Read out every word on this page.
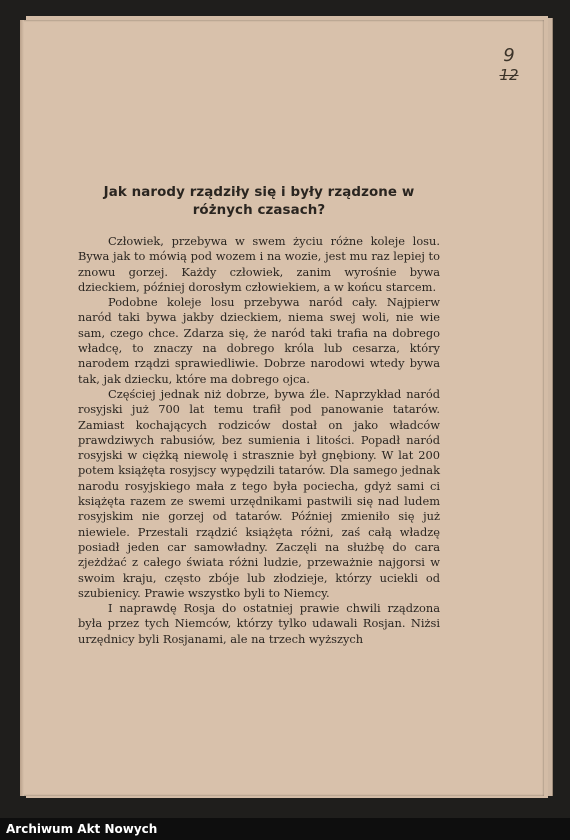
9
12
Jak narody rządziły się i były rządzone w różnych czasach?

Człowiek, przebywa w swem życiu różne koleje losu. Bywa jak to mówią pod wozem i na wozie, jest mu raz lepiej to znowu gorzej. Każdy człowiek, zanim wyrośnie bywa dzieckiem, później dorosłym człowiekiem, a w końcu starcem.

Podobne koleje losu przebywa naród cały. Najpierw naród taki bywa jakby dzieckiem, niema swej woli, nie wie sam, czego chce. Zdarza się, że naród taki trafia na dobrego władcę, to znaczy na dobrego króla lub cesarza, który narodem rządzi sprawiedliwie. Dobrze narodowi wtedy bywa tak, jak dziecku, które ma dobrego ojca.

Częściej jednak niż dobrze, bywa źle. Naprzykład naród rosyjski już 700 lat temu trafił pod panowanie tatarów. Zamiast kochających rodziców dostał on jako władców prawdziwych rabusiów, bez sumienia i litości. Popadł naród rosyjski w ciężką niewolę i strasznie był gnębiony. W lat 200 potem książęta rosyjscy wypędzili tatarów. Dla samego jednak narodu rosyjskiego mała z tego była pociecha, gdyż sami ci książęta razem ze swemi urzędnikami pastwili się nad ludem rosyjskim nie gorzej od tatarów. Później zmieniło się już niewiele. Przestali rządzić książęta różni, zaś całą władzę posiadł jeden car samowładny. Zaczęli na służbę do cara zjeżdżać z całego świata różni ludzie, przeważnie najgorsi w swoim kraju, często zbóje lub złodzieje, którzy uciekli od szubienicy. Prawie wszystko byli to Niemcy.

I naprawdę Rosja do ostatniej prawie chwili rządzona była przez tych Niemców, którzy tylko udawali Rosjan. Niżsi urzędnicy byli Rosjanami, ale na trzech wyższych

Archiwum Akt Nowych
